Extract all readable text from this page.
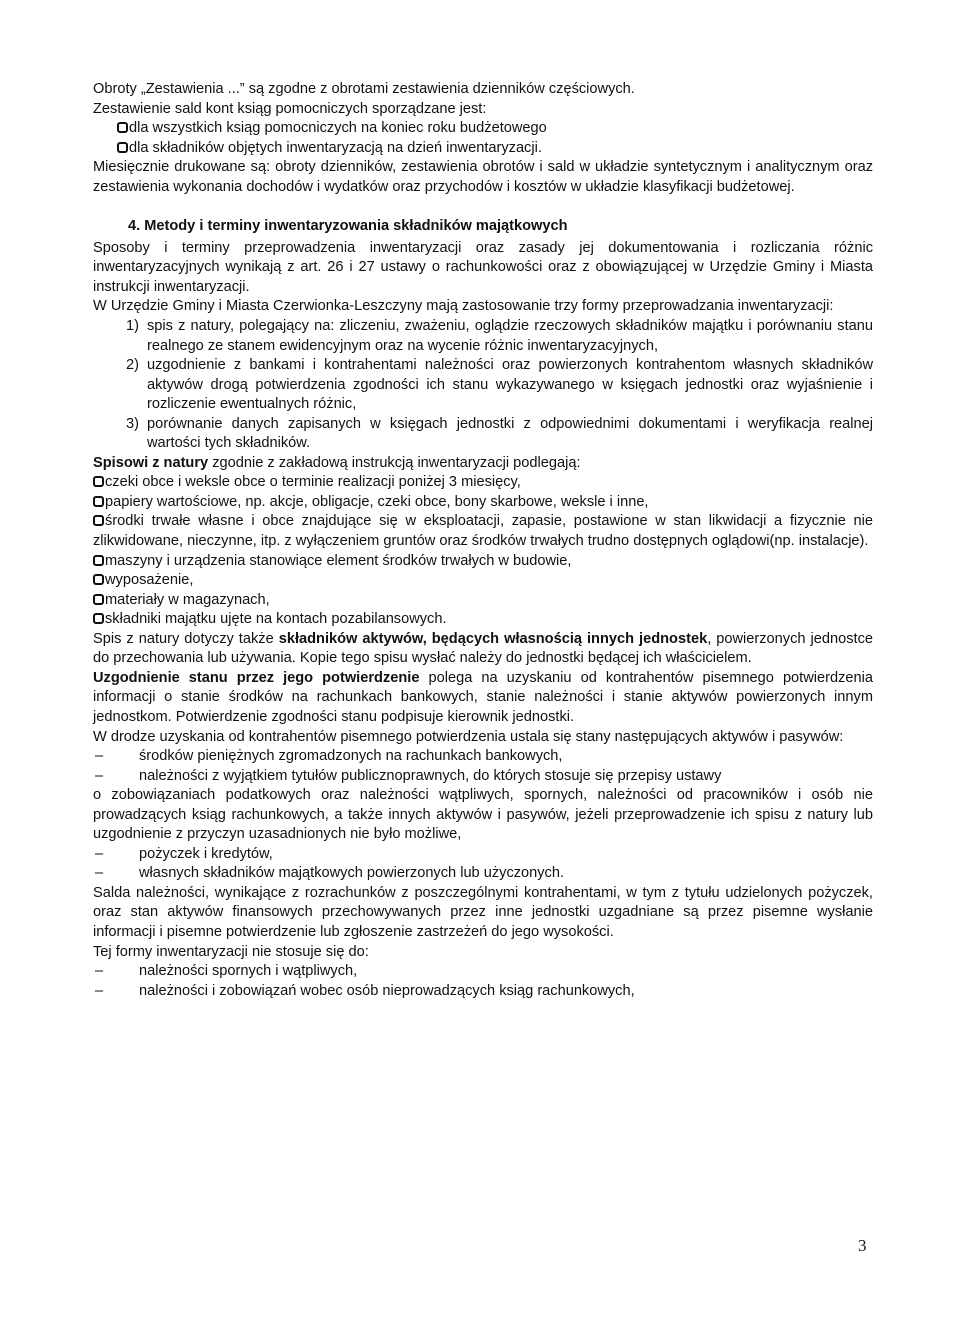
Obroty „Zestawienia ...” są zgodne z obrotami zestawienia dzienników częściowych.

Zestawienie sald kont ksiąg pomocniczych sporządzane jest:

dla wszystkich ksiąg pomocniczych na koniec roku budżetowego

dla składników objętych inwentaryzacją na dzień inwentaryzacji.

Miesięcznie drukowane są: obroty dzienników, zestawienia obrotów i sald w układzie syntetycznym i analitycznym oraz zestawienia wykonania dochodów i wydatków oraz przychodów i kosztów w układzie klasyfikacji budżetowej.

4. Metody i terminy inwentaryzowania składników majątkowych

Sposoby i terminy przeprowadzenia inwentaryzacji oraz zasady jej dokumentowania i rozliczania różnic inwentaryzacyjnych wynikają z art. 26 i 27 ustawy o rachunkowości oraz z obowiązującej w Urzędzie Gminy i Miasta instrukcji inwentaryzacji.

W Urzędzie Gminy i Miasta Czerwionka-Leszczyny mają zastosowanie trzy formy przeprowadzania inwentaryzacji:

1) spis z natury, polegający na: zliczeniu, zważeniu, oglądzie rzeczowych składników majątku i porównaniu stanu realnego ze stanem ewidencyjnym oraz na wycenie różnic inwentaryzacyjnych,
2) uzgodnienie z bankami i kontrahentami należności oraz powierzonych kontrahentom własnych składników aktywów drogą potwierdzenia zgodności ich stanu wykazywanego w księgach jednostki oraz wyjaśnienie i rozliczenie ewentualnych różnic,
3) porównanie danych zapisanych w księgach jednostki z odpowiednimi dokumentami i weryfikacja realnej wartości tych składników.

Spisowi z natury zgodnie z zakładową instrukcją inwentaryzacji podlegają:

czeki obce i weksle obce o terminie realizacji poniżej 3 miesięcy,

papiery wartościowe, np. akcje, obligacje, czeki obce, bony skarbowe, weksle i inne,

środki trwałe własne i obce znajdujące się w eksploatacji, zapasie, postawione w stan likwidacji a fizycznie nie zlikwidowane, nieczynne, itp. z wyłączeniem gruntów oraz środków trwałych trudno dostępnych oglądowi(np. instalacje).

maszyny i urządzenia stanowiące element środków trwałych w budowie,

wyposażenie,

materiały w magazynach,

składniki majątku ujęte na kontach pozabilansowych.

Spis z natury dotyczy także składników aktywów, będących własnością innych jednostek, powierzonych jednostce do przechowania lub używania. Kopie tego spisu wysłać należy do jednostki będącej ich właścicielem.

Uzgodnienie stanu przez jego potwierdzenie polega na uzyskaniu od kontrahentów pisemnego potwierdzenia informacji o stanie środków na rachunkach bankowych, stanie należności i stanie aktywów powierzonych innym jednostkom. Potwierdzenie zgodności stanu podpisuje kierownik jednostki.

W drodze uzyskania od kontrahentów pisemnego potwierdzenia ustala się stany następujących aktywów i pasywów:

–	środków pieniężnych zgromadzonych na rachunkach bankowych,
–	należności z wyjątkiem tytułów publicznoprawnych, do których stosuje się przepisy ustawy

o zobowiązaniach podatkowych oraz należności wątpliwych, spornych, należności od pracowników i osób nie prowadzących ksiąg rachunkowych, a także innych aktywów i pasywów, jeżeli przeprowadzenie ich spisu z natury lub uzgodnienie z przyczyn uzasadnionych nie było możliwe,

–	pożyczek i kredytów,
–	własnych składników majątkowych powierzonych lub użyczonych.

Salda należności, wynikające z rozrachunków z poszczególnymi kontrahentami, w tym z tytułu udzielonych pożyczek, oraz stan aktywów finansowych przechowywanych przez inne jednostki uzgadniane są przez pisemne wysłanie informacji i pisemne potwierdzenie lub zgłoszenie zastrzeżeń do jego wysokości.

Tej formy inwentaryzacji nie stosuje się do:

–	należności spornych i wątpliwych,
–	należności i zobowiązań wobec osób nieprowadzących ksiąg rachunkowych,
3
